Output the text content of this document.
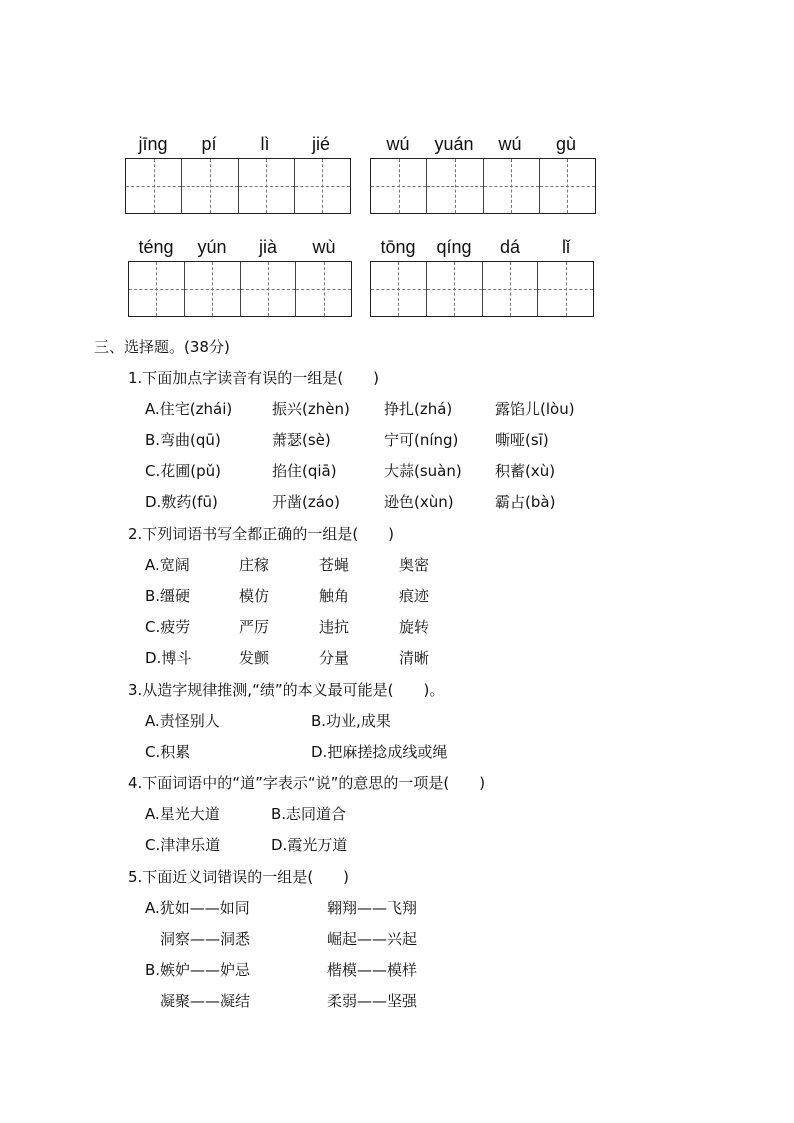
jīng	pí	lì	jié	wú	yuán	wú	gù
téng	yún	jià	wù	tōng	qíng	dá	lǐ
三、选择题。(38分)
1.下面加点字读音有误的一组是(　　)
A.住宅(zhái)	振兴(zhèn) 挣扎(zhá)	露馅儿(lòu)
B.弯曲(qū)	萧瑟(sè)	宁可(níng) 嘶哑(sī)
C.花圃(pǔ)	掐住(qiā)	大蒜(suàn) 积蓄(xù)
D.敷药(fū)	开凿(záo)	逊色(xùn)	霸占(bà)
2.下列词语书写全都正确的一组是(　　)
A.宽阔	庄稼	苍蝇	奥密
B.缰硬	模仿	触角	痕迹
C.疲劳	严厉	违抗	旋转
D.博斗	发颤	分量	清晰
3.从造字规律推测,“绩”的本义最可能是(　　)。
A.责怪别人	B.功业,成果
C.积累	D.把麻搓捻成线或绳
4.下面词语中的“道”字表示“说”的意思的一项是(　　)
A.星光大道	B.志同道合
C.津津乐道	D.霞光万道
5.下面近义词错误的一组是(　　)
A.犹如——如同	翱翔——飞翔
洞察——洞悉	崛起——兴起
B.嫉妒——妒忌	楷模——模样
凝聚——凝结	柔弱——坚强
